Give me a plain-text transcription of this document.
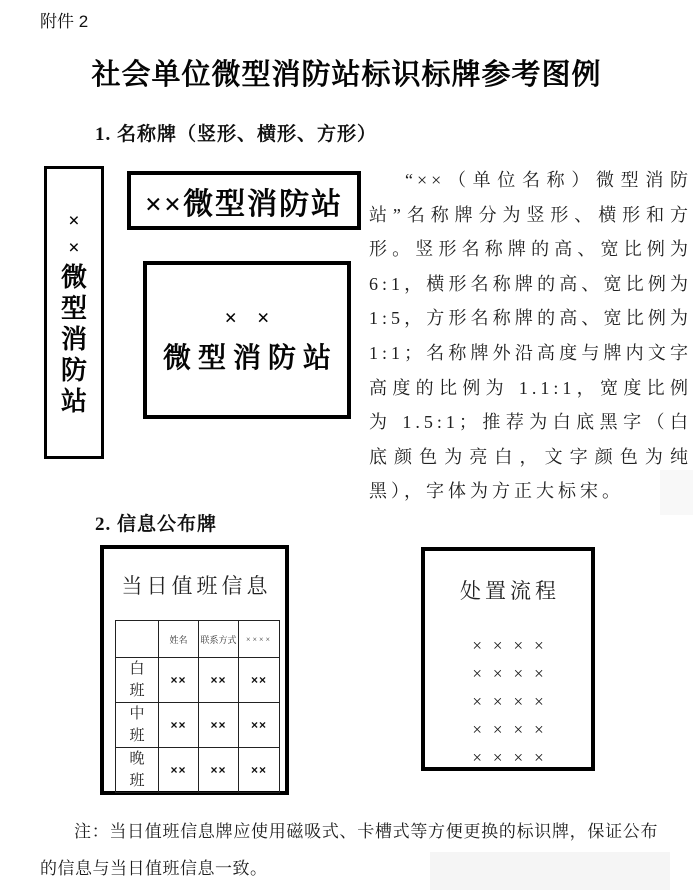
附件 2
社会单位微型消防站标识标牌参考图例
1. 名称牌（竖形、横形、方形）
×
×
微
型
消
防
站
××微型消防站
××
微型消防站

“××（单位名称）微型消防站”名称牌分为竖形、横形和方形。竖形名称牌的高、宽比例为6:1，横形名称牌的高、宽比例为1:5，方形名称牌的高、宽比例为1:1；名称牌外沿高度与牌内文字高度的比例为 1.1:1，宽度比例为 1.5:1；推荐为白底黑字（白底颜色为亮白，文字颜色为纯黑），字体为方正大标宋。

2. 信息公布牌
当日值班信息
	姓名	联系方式	××××
白班	××	××	××
中班	××	××	××
晚班	××	××	××
处置流程
××××
××××
××××
××××
××××

注：当日值班信息牌应使用磁吸式、卡槽式等方便更换的标识牌，保证公布的信息与当日值班信息一致。
